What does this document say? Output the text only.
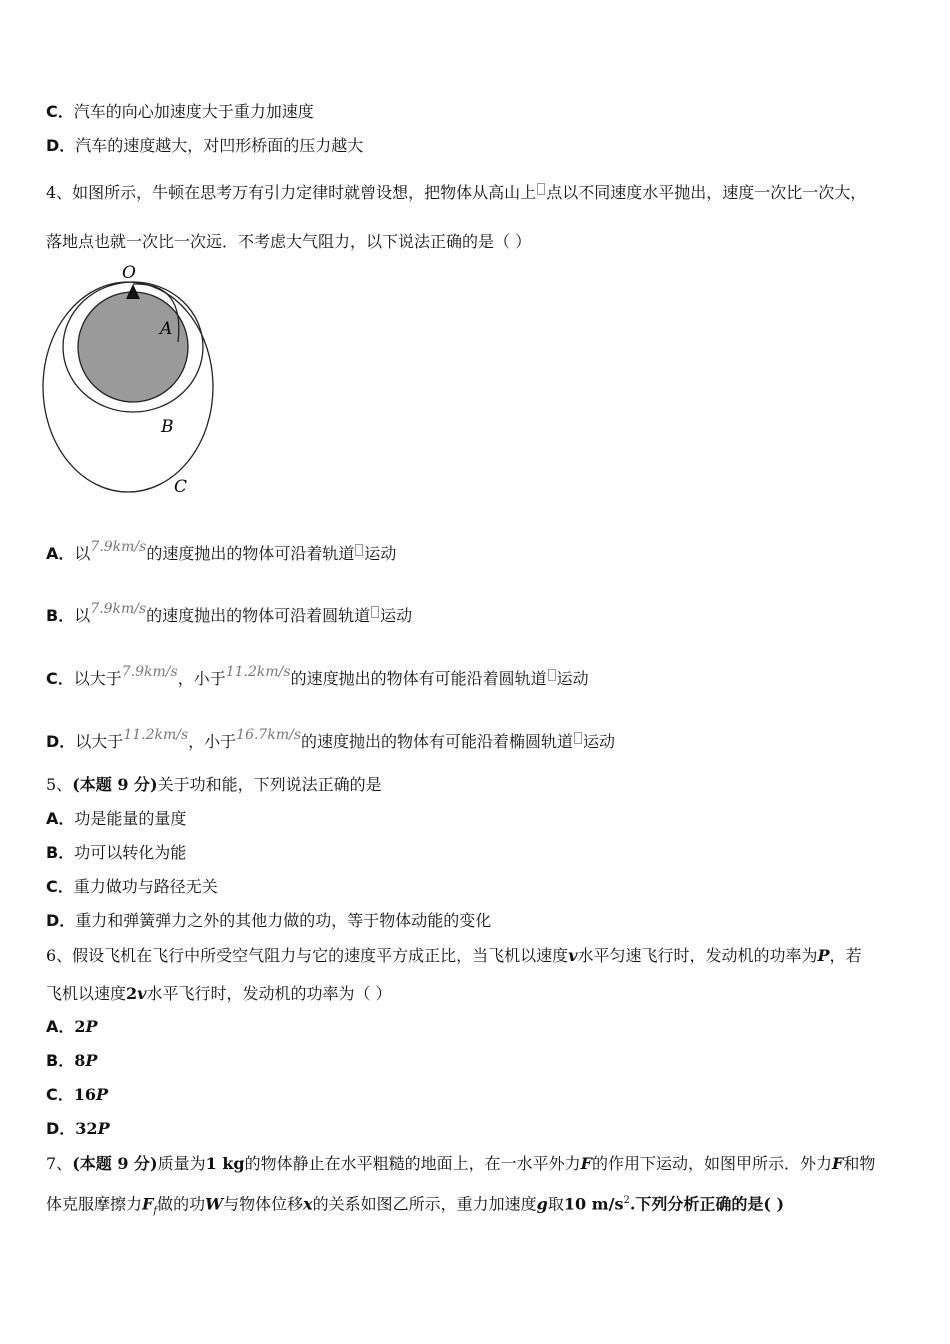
C．汽车的向心加速度大于重力加速度
D．汽车的速度越大，对凹形桥面的压力越大
4、如图所示，牛顿在思考万有引力定律时就曾设想，把物体从高山上 点以不同速度水平抛出，速度一次比一次大，
落地点也就一次比一次远．不考虑大气阻力，以下说法正确的是（ ）
O
A
B
C
A．以7.9km/s的速度抛出的物体可沿着轨道 运动
B．以7.9km/s的速度抛出的物体可沿着圆轨道 运动
C．以大于7.9km/s，小于11.2km/s的速度抛出的物体有可能沿着圆轨道 运动
D．以大于11.2km/s，小于16.7km/s的速度抛出的物体有可能沿着椭圆轨道 运动
5、(本题 9 分)关于功和能，下列说法正确的是
A．功是能量的量度
B．功可以转化为能
C．重力做功与路径无关
D．重力和弹簧弹力之外的其他力做的功，等于物体动能的变化
6、假设飞机在飞行中所受空气阻力与它的速度平方成正比，当飞机以速度v水平匀速飞行时，发动机的功率为P，若
飞机以速度2v水平飞行时，发动机的功率为（ ）
A．2P
B．8P
C．16P
D．32P
7、(本题 9 分)质量为1 kg的物体静止在水平粗糙的地面上，在一水平外力F的作用下运动，如图甲所示．外力F和物
体克服摩擦力$F_f$做的功W与物体位移x的关系如图乙所示，重力加速度g取10 $m/s^2$.下列分析正确的是( )
